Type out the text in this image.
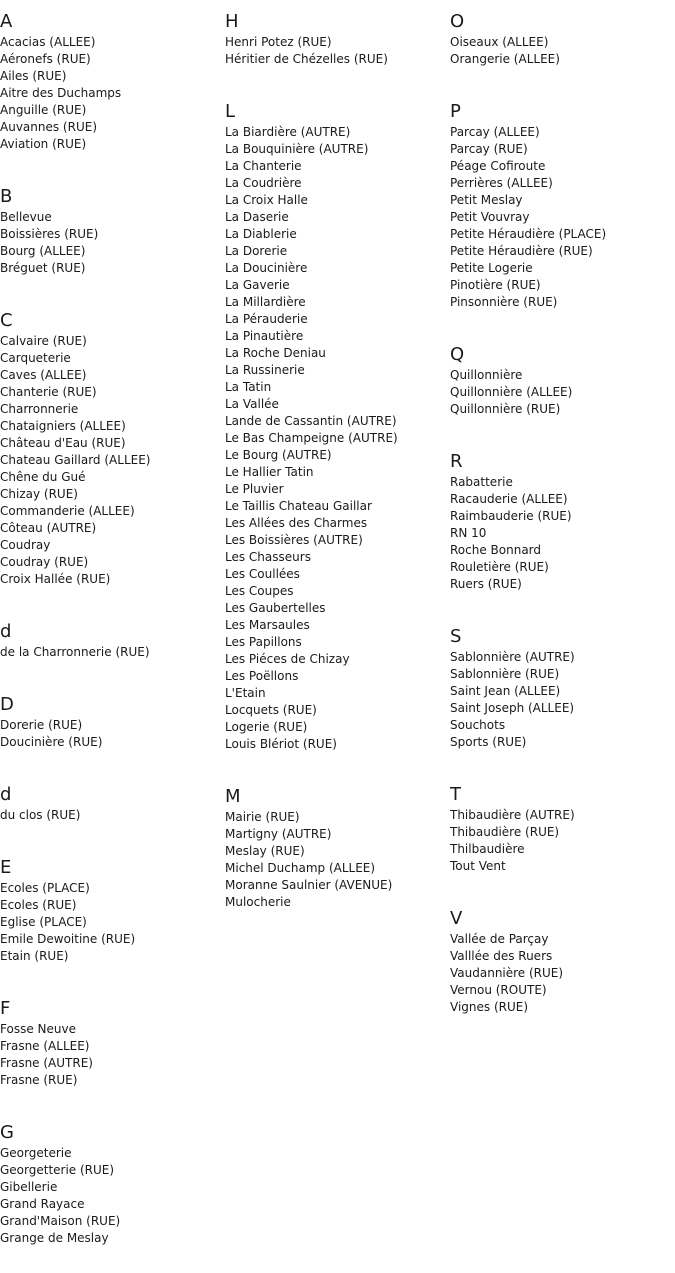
A
Acacias (ALLEE)
Aéronefs (RUE)
Ailes (RUE)
Aitre des Duchamps
Anguille (RUE)
Auvannes (RUE)
Aviation (RUE)
B
Bellevue
Boissières (RUE)
Bourg (ALLEE)
Bréguet (RUE)
C
Calvaire (RUE)
Carqueterie
Caves (ALLEE)
Chanterie (RUE)
Charronnerie
Chataigniers (ALLEE)
Château d'Eau (RUE)
Chateau Gaillard (ALLEE)
Chêne du Gué
Chizay (RUE)
Commanderie (ALLEE)
Côteau (AUTRE)
Coudray
Coudray (RUE)
Croix Hallée (RUE)
d
de la Charronnerie (RUE)
D
Dorerie (RUE)
Doucinière (RUE)
d
du clos (RUE)
E
Ecoles (PLACE)
Ecoles (RUE)
Eglise (PLACE)
Emile Dewoitine (RUE)
Etain (RUE)
F
Fosse Neuve
Frasne (ALLEE)
Frasne (AUTRE)
Frasne (RUE)
G
Georgeterie
Georgetterie (RUE)
Gibellerie
Grand Rayace
Grand'Maison (RUE)
Grange de Meslay
H
Henri Potez (RUE)
Héritier de Chézelles (RUE)
L
La Biardière (AUTRE)
La Bouquinière (AUTRE)
La Chanterie
La Coudrière
La Croix Halle
La Daserie
La Diablerie
La Dorerie
La Doucinière
La Gaverie
La Millardière
La Pérauderie
La Pinautière
La Roche Deniau
La Russinerie
La Tatin
La Vallée
Lande de Cassantin (AUTRE)
Le Bas Champeigne (AUTRE)
Le Bourg (AUTRE)
Le Hallier Tatin
Le Pluvier
Le Taillis Chateau Gaillar
Les Allées des Charmes
Les Boissières (AUTRE)
Les Chasseurs
Les Coullées
Les Coupes
Les Gaubertelles
Les Marsaules
Les Papillons
Les Piéces de Chizay
Les Poëllons
L'Etain
Locquets (RUE)
Logerie (RUE)
Louis Blériot (RUE)
M
Mairie (RUE)
Martigny (AUTRE)
Meslay (RUE)
Michel Duchamp (ALLEE)
Moranne Saulnier (AVENUE)
Mulocherie
O
Oiseaux (ALLEE)
Orangerie (ALLEE)
P
Parcay (ALLEE)
Parcay (RUE)
Péage Cofiroute
Perrières (ALLEE)
Petit Meslay
Petit Vouvray
Petite Héraudière (PLACE)
Petite Héraudière (RUE)
Petite Logerie
Pinotière (RUE)
Pinsonnière (RUE)
Q
Quillonnière
Quillonnière (ALLEE)
Quillonnière (RUE)
R
Rabatterie
Racauderie (ALLEE)
Raimbauderie (RUE)
RN 10
Roche Bonnard
Rouletière (RUE)
Ruers (RUE)
S
Sablonnière (AUTRE)
Sablonnière (RUE)
Saint Jean (ALLEE)
Saint Joseph (ALLEE)
Souchots
Sports (RUE)
T
Thibaudière (AUTRE)
Thibaudière (RUE)
Thilbaudière
Tout Vent
V
Vallée de Parçay
Valllée des Ruers
Vaudannière (RUE)
Vernou (ROUTE)
Vignes (RUE)
